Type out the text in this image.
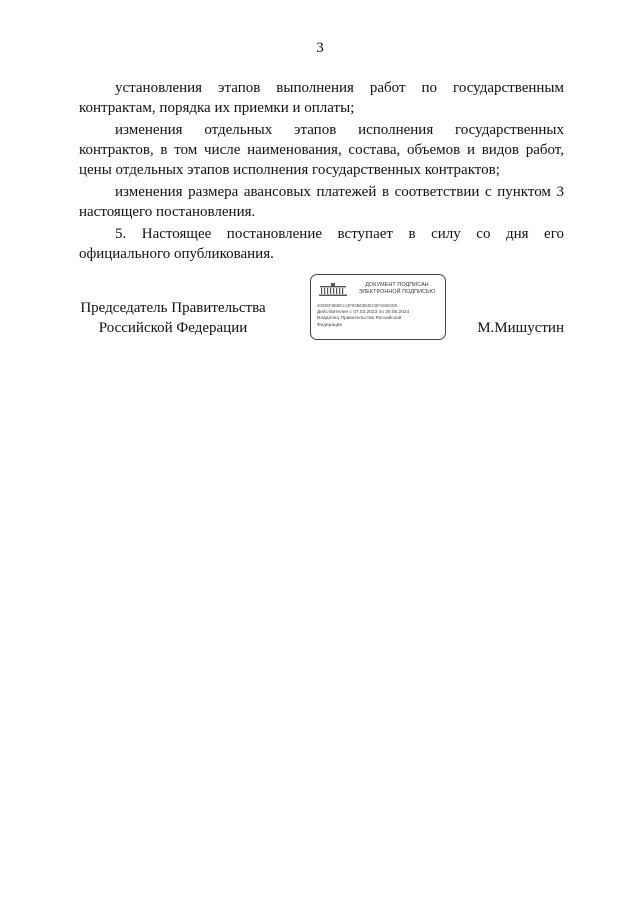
3

установления этапов выполнения работ по государственным контрактам, порядка их приемки и оплаты;

изменения отдельных этапов исполнения государственных контрактов, в том числе наименования, состава, объемов и видов работ, цены отдельных этапов исполнения государственных контрактов;

изменения размера авансовых платежей в соответствии с пунктом 3 настоящего постановления.

5. Настоящее постановление вступает в силу со дня его официального опубликования.

Председатель Правительства
Российской Федерации
ДОКУМЕНТ ПОДПИСАН
ЭЛЕКТРОННОЙ ПОДПИСЬЮ
4003EF8B6E1A3F90B63B4EC8FA6653D8
Действителен с 07.03.2023 по 30.05.2024
Владелец Правительство Российской
Федерации	М.Мишустин
